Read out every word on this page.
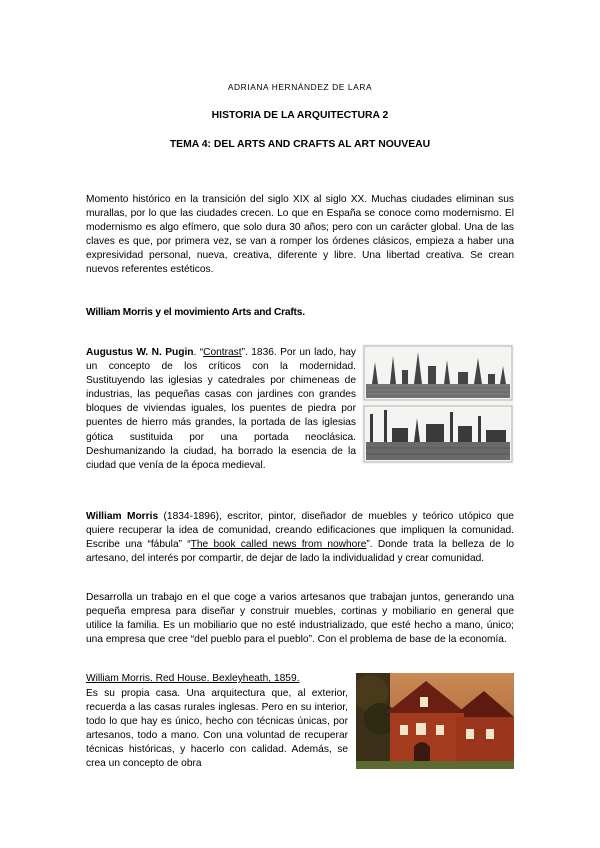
ADRIANA HERNÁNDEZ DE LARA
HISTORIA DE LA ARQUITECTURA 2
TEMA 4: DEL ARTS AND CRAFTS AL ART NOUVEAU
Momento histórico en la transición del siglo XIX al siglo XX. Muchas ciudades eliminan sus murallas, por lo que las ciudades crecen. Lo que en España se conoce como modernismo. El modernismo es algo efímero, que solo dura 30 años; pero con un carácter global. Una de las claves es que, por primera vez, se van a romper los órdenes clásicos, empieza a haber una expresividad personal, nueva, creativa, diferente y libre. Una libertad creativa. Se crean nuevos referentes estéticos.
William Morris y el movimiento Arts and Crafts.
Augustus W. N. Pugin. “Contrast”. 1836. Por un lado, hay un concepto de los críticos con la modernidad. Sustituyendo las iglesias y catedrales por chimeneas de industrias, las pequeñas casas con jardines con grandes bloques de viviendas iguales, los puentes de piedra por puentes de hierro más grandes, la portada de las iglesias gótica sustituida por una portada neoclásica. Deshumanizando la ciudad, ha borrado la esencia de la ciudad que venía de la época medieval.
William Morris (1834-1896), escritor, pintor, diseñador de muebles y teórico utópico que quiere recuperar la idea de comunidad, creando edificaciones que impliquen la comunidad. Escribe una “fábula” “The book called news from nowhore”. Donde trata la belleza de lo artesano, del interés por compartir, de dejar de lado la individualidad y crear comunidad.
Desarrolla un trabajo en el que coge a varios artesanos que trabajan juntos, generando una pequeña empresa para diseñar y construir muebles, cortinas y mobiliario en general que utilice la familia. Es un mobiliario que no esté industrializado, que esté hecho a mano, único; una empresa que cree “del pueblo para el pueblo”. Con el problema de base de la economía.
William Morris. Red House. Bexleyheath, 1859.
Es su propia casa. Una arquitectura que, al exterior, recuerda a las casas rurales inglesas. Pero en su interior, todo lo que hay es único, hecho con técnicas únicas, por artesanos, todo a mano. Con una voluntad de recuperar técnicas históricas, y hacerlo con calidad. Además, se crea un concepto de obra
